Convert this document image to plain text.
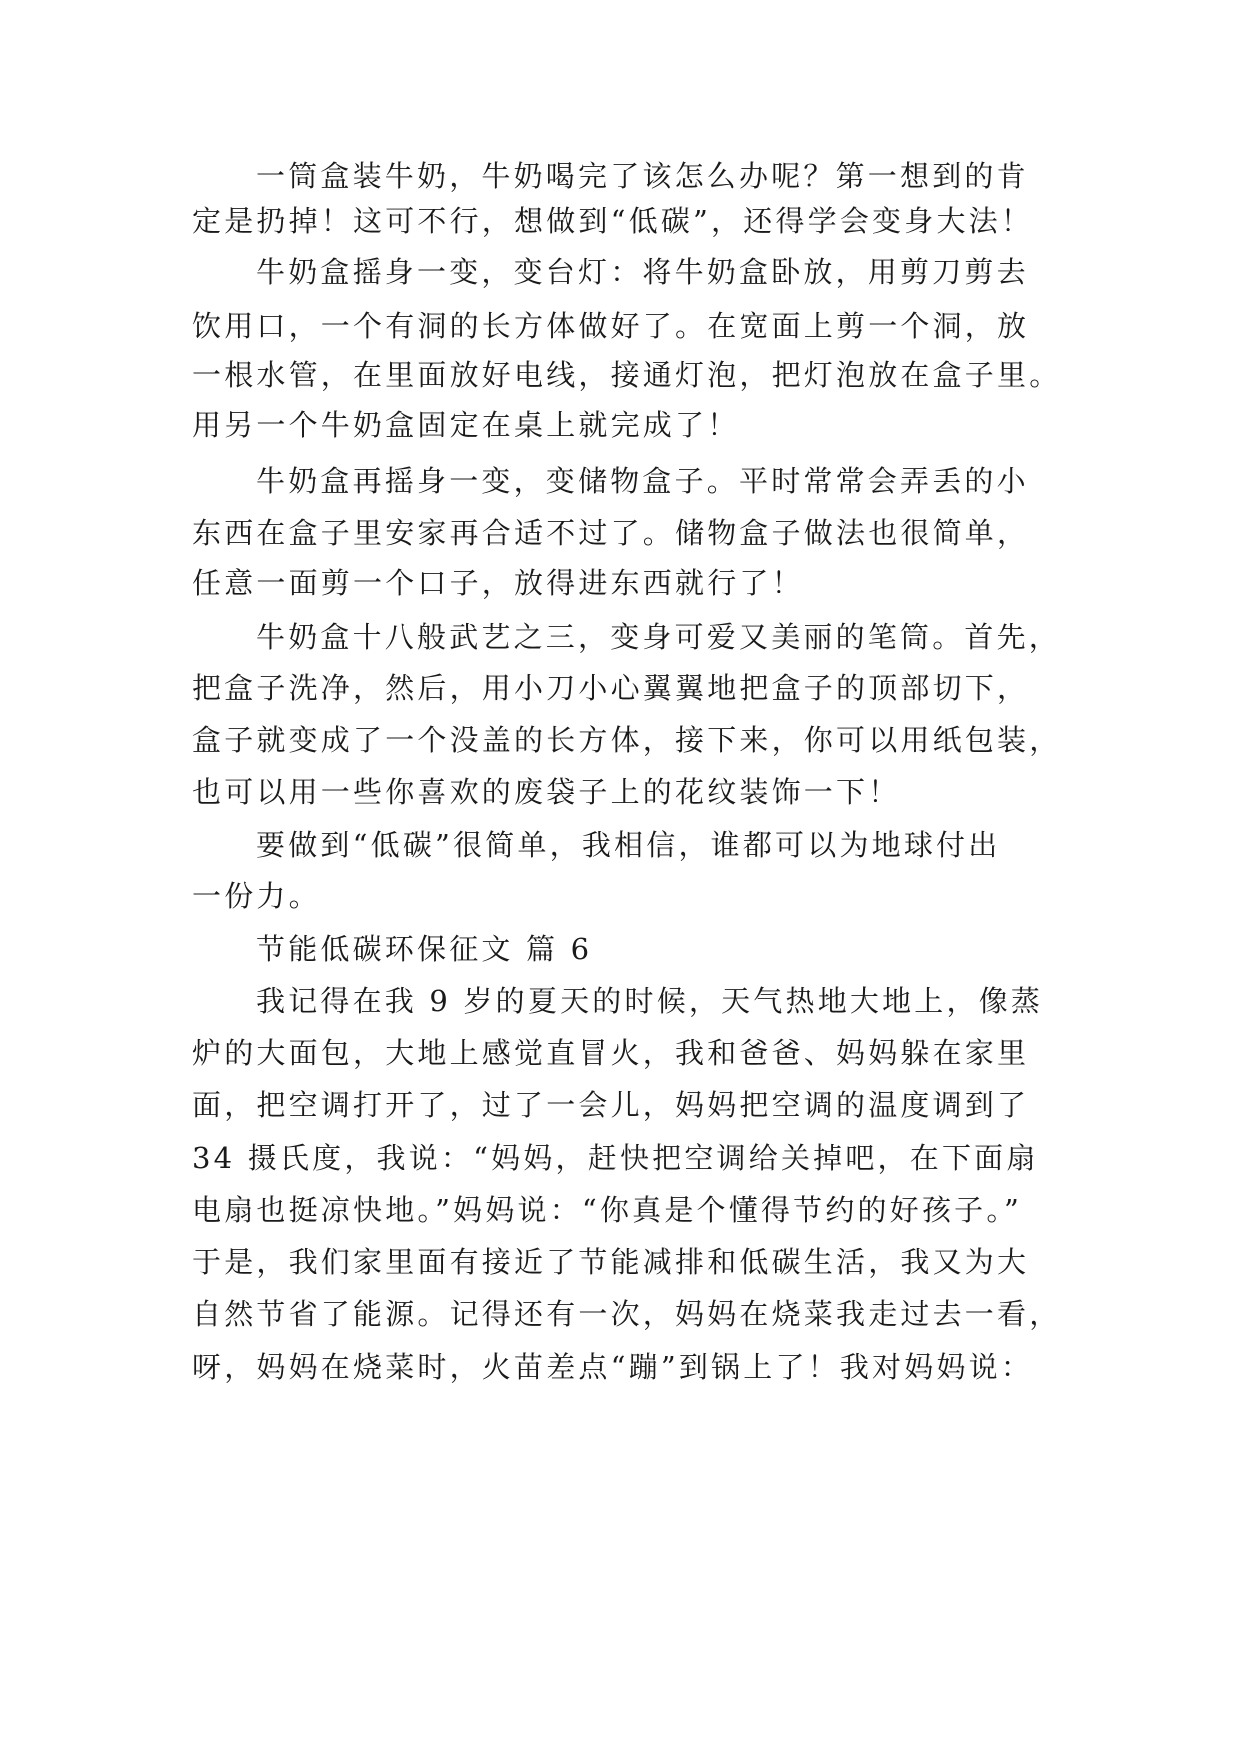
一筒盒装牛奶，牛奶喝完了该怎么办呢？第一想到的肯
定是扔掉！这可不行，想做到“低碳”，还得学会变身大法！
牛奶盒摇身一变，变台灯：将牛奶盒卧放，用剪刀剪去
饮用口，一个有洞的长方体做好了。在宽面上剪一个洞，放
一根水管，在里面放好电线，接通灯泡，把灯泡放在盒子里。
用另一个牛奶盒固定在桌上就完成了！
牛奶盒再摇身一变，变储物盒子。平时常常会弄丢的小
东西在盒子里安家再合适不过了。储物盒子做法也很简单，
任意一面剪一个口子，放得进东西就行了！
牛奶盒十八般武艺之三，变身可爱又美丽的笔筒。首先，
把盒子洗净，然后，用小刀小心翼翼地把盒子的顶部切下，
盒子就变成了一个没盖的长方体，接下来，你可以用纸包装，
也可以用一些你喜欢的废袋子上的花纹装饰一下！
要做到“低碳”很简单，我相信，谁都可以为地球付出
一份力。
节能低碳环保征文 篇 6
我记得在我 9 岁的夏天的时候，天气热地大地上，像蒸
炉的大面包，大地上感觉直冒火，我和爸爸、妈妈躲在家里
面，把空调打开了，过了一会儿，妈妈把空调的温度调到了
34 摄氏度，我说：“妈妈，赶快把空调给关掉吧，在下面扇
电扇也挺凉快地。”妈妈说：“你真是个懂得节约的好孩子。”
于是，我们家里面有接近了节能减排和低碳生活，我又为大
自然节省了能源。记得还有一次，妈妈在烧菜我走过去一看，
呀，妈妈在烧菜时，火苗差点“蹦”到锅上了！我对妈妈说：
